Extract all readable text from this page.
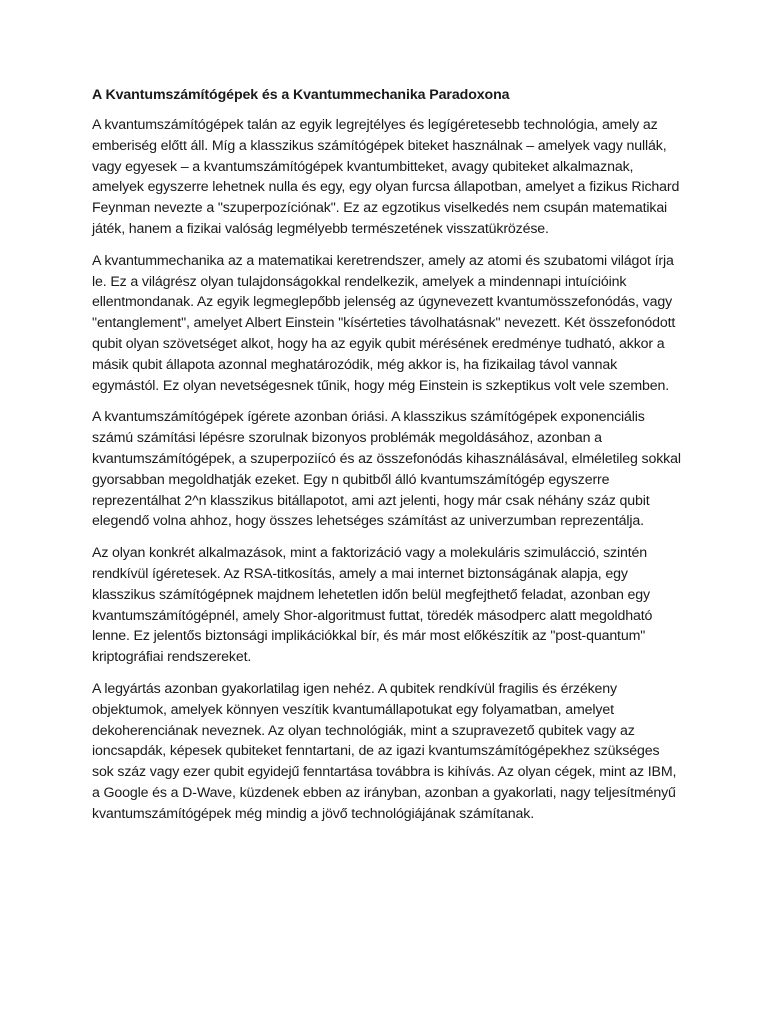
A Kvantumszámítógépek és a Kvantummechanika Paradoxona

A kvantumszámítógépek talán az egyik legrejtélyes és legígéretesebb technológia, amely az emberiség előtt áll. Míg a klasszikus számítógépek biteket használnak – amelyek vagy nullák, vagy egyesek – a kvantumszámítógépek kvantumbitteket, avagy qubiteket alkalmaznak, amelyek egyszerre lehetnek nulla és egy, egy olyan furcsa állapotban, amelyet a fizikus Richard Feynman nevezte a "szuperpozíciónak". Ez az egzotikus viselkedés nem csupán matematikai játék, hanem a fizikai valóság legmélyebb természetének visszatükrözése.

A kvantummechanika az a matematikai keretrendszer, amely az atomi és szubatomi világot írja le. Ez a világrész olyan tulajdonságokkal rendelkezik, amelyek a mindennapi intuícióink ellentmondanak. Az egyik legmeglepőbb jelenség az úgynevezett kvantumösszefonódás, vagy "entanglement", amelyet Albert Einstein "kísérteties távolhatásnak" nevezett. Két összefonódott qubit olyan szövetséget alkot, hogy ha az egyik qubit mérésének eredménye tudható, akkor a másik qubit állapota azonnal meghatározódik, még akkor is, ha fizikailag távol vannak egymástól. Ez olyan nevetségesnek tűnik, hogy még Einstein is szkeptikus volt vele szemben.

A kvantumszámítógépek ígérete azonban óriási. A klasszikus számítógépek exponenciális számú számítási lépésre szorulnak bizonyos problémák megoldásához, azonban a kvantumszámítógépek, a szuperpoziícó és az összefonódás kihasználásával, elméletileg sokkal gyorsabban megoldhatják ezeket. Egy n qubitből álló kvantumszámítógép egyszerre reprezentálhat 2^n klasszikus bitállapotot, ami azt jelenti, hogy már csak néhány száz qubit elegendő volna ahhoz, hogy összes lehetséges számítást az univerzumban reprezentálja.

Az olyan konkrét alkalmazások, mint a faktorizáció vagy a molekuláris szimulácció, szintén rendkívül ígéretesek. Az RSA-titkosítás, amely a mai internet biztonságának alapja, egy klasszikus számítógépnek majdnem lehetetlen időn belül megfejthető feladat, azonban egy kvantumszámítógépnél, amely Shor-algoritmust futtat, töredék másodperc alatt megoldható lenne. Ez jelentős biztonsági implikációkkal bír, és már most előkészítik az "post-quantum" kriptográfiai rendszereket.

A legyártás azonban gyakorlatilag igen nehéz. A qubitek rendkívül fragilis és érzékeny objektumok, amelyek könnyen veszítik kvantumállapotukat egy folyamatban, amelyet dekoherenciának neveznek. Az olyan technológiák, mint a szupravezető qubitek vagy az ioncsapdák, képesek qubiteket fenntartani, de az igazi kvantumszámítógépekhez szükséges sok száz vagy ezer qubit egyidejű fenntartása továbbra is kihívás. Az olyan cégek, mint az IBM, a Google és a D-Wave, küzdenek ebben az irányban, azonban a gyakorlati, nagy teljesítményű kvantumszámítógépek még mindig a jövő technológiájának számítanak.
